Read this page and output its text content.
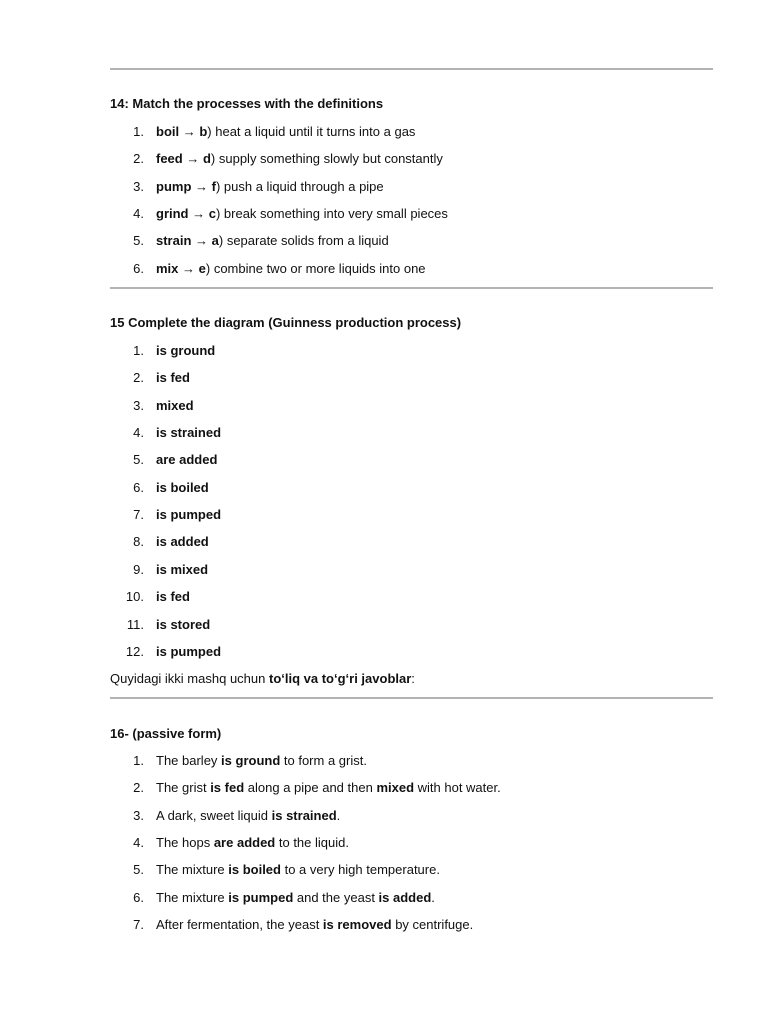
14: Match the processes with the definitions
1. boil → b) heat a liquid until it turns into a gas
2. feed → d) supply something slowly but constantly
3. pump → f) push a liquid through a pipe
4. grind → c) break something into very small pieces
5. strain → a) separate solids from a liquid
6. mix → e) combine two or more liquids into one
15 Complete the diagram (Guinness production process)
1. is ground
2. is fed
3. mixed
4. is strained
5. are added
6. is boiled
7. is pumped
8. is added
9. is mixed
10. is fed
11. is stored
12. is pumped
Quyidagi ikki mashq uchun to‘liq va to‘g‘ri javoblar:
16- (passive form)
1. The barley is ground to form a grist.
2. The grist is fed along a pipe and then mixed with hot water.
3. A dark, sweet liquid is strained.
4. The hops are added to the liquid.
5. The mixture is boiled to a very high temperature.
6. The mixture is pumped and the yeast is added.
7. After fermentation, the yeast is removed by centrifuge.
